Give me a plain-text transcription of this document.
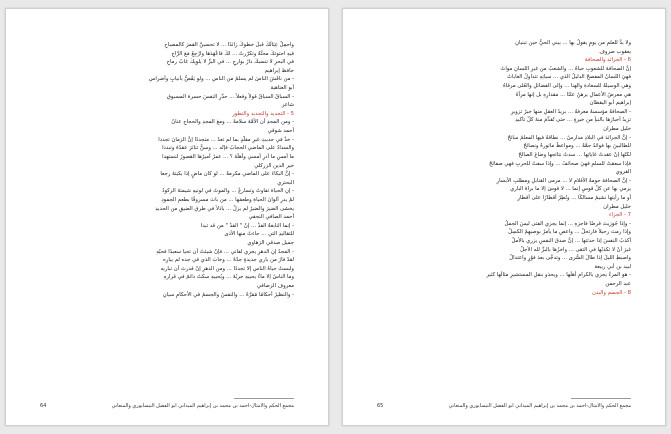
واحمِلْ عِيَالَكَ قبلَ خطوكَ زائدًا ... لا تحسبنَّ القمرَ كالمصباحِ
فيهِ احتوتكَ محنَّةٌ وتكرّرتْ ... لكَ فاعْهَدَها وارْجِعْ مَعَ الرَّاجِ
في البحرِ لا تنسبكَ دارٌ بوارجٍ ... في البرِّ لا يلوِيكَ غابٌ رماحِ
حافظ إبراهيم
- من ناقَشَ الناسَ لم يسلمْ من الناسِ ... ولو يَقُصُّ بأنيابٍ وأضراسِ
أبو العتاهية
- السباقُ السباقُ قولاً وفعلاً ... حذّرِ النفسَ حسرةَ المسبوقِ
شاعر
5 - التجديد والتجديد والتطور
- ومن المجدِ أن الأمَّةَ سلامةً ... ومعَ المجدِ والحجاجِ عنانٌ
أحمد شوقي
- خذْ في حديثِ غيرِ مقلّدٍ بما لم تعدْ ... متجددًا إنَّ الزمانَ تجددا
والسدادُ على الماضي الحجابُ فإنّه ... وسنٌّ تناثرَ عقدُهُ وتبددا
ما أمسِ ما أدرِ أمسي وأهلُهُ ؟ ... عمرٌ أميرُها القصورُ لنستهدا
خير الدين الزركلي
- إنَّ البكاءَ على الماضي مكرمةٌ ... لو كان ماضٍ إذا بكيتهُ رجعا
البحتري
- إنِ الحياةَ تفاوتٌ وتسارعٌ ... والموتُ في لونيهِ شيمتهُ الركودُ
لمْ يدرِ ألوانَ الحياةِ وطعمَها ... من باتَ مسروقًا بطعمِ الجمودِ
يخشى الضيرَ والضيرُ لم يزلْ ... باذلاً في طرقِ الضيقِ من الجديدِ
أحمد الصافي النجفي
- إنما النابغةُ الفذْ ... إنْ " الفذُ " من قد تبدا
للتقاليدِ التي ... جاءتْ منها الأذى
جميل صدقي الزهاوي
- المجدُ إنِ الدهرِ يجري لفاني ... فإنْ شيئتُ أن تحيا سعيدًا فحيّهِ
لقدْ فازَ من باري جديدةٍ جدّةً ... وخابَ الذي في جده لم يبارِه
ولبستْ حياةُ الناسِ إلا تجددًا ... ومن الدهرِ إنْ قدرتَ أن تباريه
وما الناسُ إلا ماءٌ يحييهِ جريُهُ ... ويُحييهِ سكتٌ دائمٌ في قرارهِ
معروف الرصافي
- والنظيرُ أحكامًا مُقرَّةٌ ... والنفسُ والجسمُ في الأحكامِ سيانِ
مجمع الحكم والأمثال-أحمد بن محمد بن إبراهيم الميداني أبو الفضل النيسابوري والمنعاني
64
ولا بدَّ للعلمِ من يومٍ يقولُ بها ... بيني الحيُّ حين تبنيانِ
يعقوب صروف
6 - الجرائد والصحافة
إنَّ الصحافةَ للشعوبِ حياةٌ ... والشعبُ من غيرِ اللسانِ مواتُ
فهيَ اللسانُ المفصحُ الدليلُ الذي ... سيانِهِ تتداولُ الغاياتُ
وهي الوسيلةُ للسعادةِ والهنا ... وإلى الفضائلِ والعُلى مرقاةُ
هي معرضُ الأعمالِ يرهنُ علنًا ... مقدارِهِ بل إنها مرآةُ
إبراهيم أبو اليقظان
- الصحافةُ مؤسسةٌ معرفةٌ ... بريدُ العقلِ منها خيرُ تزويرِ
تزيدُ أخبارَها بالنبأِ من خيرةٍ ... حتى تُقدِّمَ منهُ كلَّ تأكيدِ
خليل مطران
- إنَّ الجرائدَ في البلادِ مدارسٌ ... نطاقةٌ فيها المعلمُ سائحٌ
للطالبينَ بها فوائدُ جمَّةٌ ... ومواعظٌ ماثورةٌ ونصائحُ
لكنّها إنْ عقدتْ غاياتِها ... سدتْ نتائجها وضاعَ الصالحُ
فإذا سعقتْ للسلمِ فهيَ صحائفٌ ... وإذا سفتْ للحربِ فهي صفائحُ
القروي
- إنَّ الصحافةَ حومةُ الأقلامِ لا ... مرمى القنابلِ ومطلبِ الأبسارِ
يرمي بها عن كلِّ قوسٍ إنما ... لا قوسَ إلا ما براهُ الباري
أو ما رأيتها نشيمُ مسالكًا ... ونُطِرُ أقطارًا على أقطارِ
خليل مطران
7 - الجزاء
- وإذا جُوزيتَ قرضًا فاجزهِ ... إنما يجزي الفتى ليسَ الجملُ
وإذا رمتَ رحيلاً فارتحلْ ... واعصِ ما يأمرُ بوصيهِمْ الكسِلْ
أكذبُ النفسَ إذا حدثتها ... إنَّ صدقَ النفسِ يزري بالأملْ
غيرَ أنْ لا تكذبْها في التقى ... واخزُها بالبرِّ لله الأجلْ
واصبطِ الليلَ إذا طالَ السُّرى ... وتدجَّى بعدَ فوْرٍ واعتدالْ
لبيد بن أبي ربيعة
- هو المرءُ يجزي بالكرامِ أهلَها ... ويحذو بنقلِ المستشيرِ مثالَها كثير
عبد الرحمن
8 - الجسم والبدن
مجمع الحكم والأمثال-أحمد بن محمد بن إبراهيم الميداني أبو الفضل النيسابوري والمنعاني
65
